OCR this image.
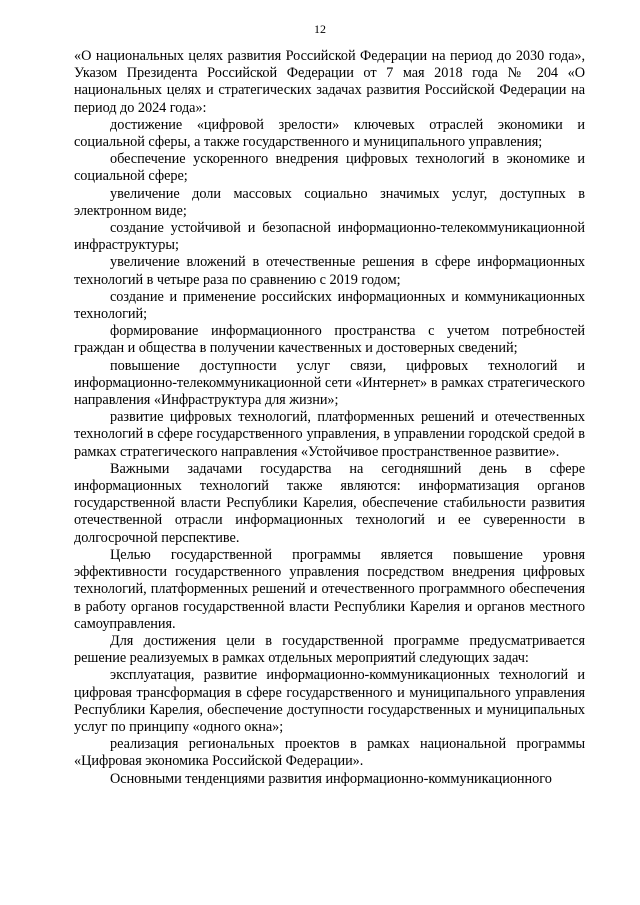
12

«О национальных целях развития Российской Федерации на период до 2030 года», Указом Президента Российской Федерации от 7 мая 2018 года № 204 «О национальных целях и стратегических задачах развития Российской Федерации на период до 2024 года»:

достижение «цифровой зрелости» ключевых отраслей экономики и социальной сферы, а также государственного и муниципального управления;

обеспечение ускоренного внедрения цифровых технологий в экономике и социальной сфере;

увеличение доли массовых социально значимых услуг, доступных в электронном виде;

создание устойчивой и безопасной информационно-телекоммуникационной инфраструктуры;

увеличение вложений в отечественные решения в сфере информационных технологий в четыре раза по сравнению с 2019 годом;

создание и применение российских информационных и коммуникационных технологий;

формирование информационного пространства с учетом потребностей граждан и общества в получении качественных и достоверных сведений;

повышение доступности услуг связи, цифровых технологий и информационно-телекоммуникационной сети «Интернет» в рамках стратегического направления «Инфраструктура для жизни»;

развитие цифровых технологий, платформенных решений и отечественных технологий в сфере государственного управления, в управлении городской средой в рамках стратегического направления «Устойчивое пространственное развитие».

Важными задачами государства на сегодняшний день в сфере информационных технологий также являются: информатизация органов государственной власти Республики Карелия, обеспечение стабильности развития отечественной отрасли информационных технологий и ее суверенности в долгосрочной перспективе.

Целью государственной программы является повышение уровня эффективности государственного управления посредством внедрения цифровых технологий, платформенных решений и отечественного программного обеспечения в работу органов государственной власти Республики Карелия и органов местного самоуправления.

Для достижения цели в государственной программе предусматривается решение реализуемых в рамках отдельных мероприятий следующих задач:

эксплуатация, развитие информационно-коммуникационных технологий и цифровая трансформация в сфере государственного и муниципального управления Республики Карелия, обеспечение доступности государственных и муниципальных услуг по принципу «одного окна»;

реализация региональных проектов в рамках национальной программы «Цифровая экономика Российской Федерации».

Основными тенденциями развития информационно-коммуникационного
